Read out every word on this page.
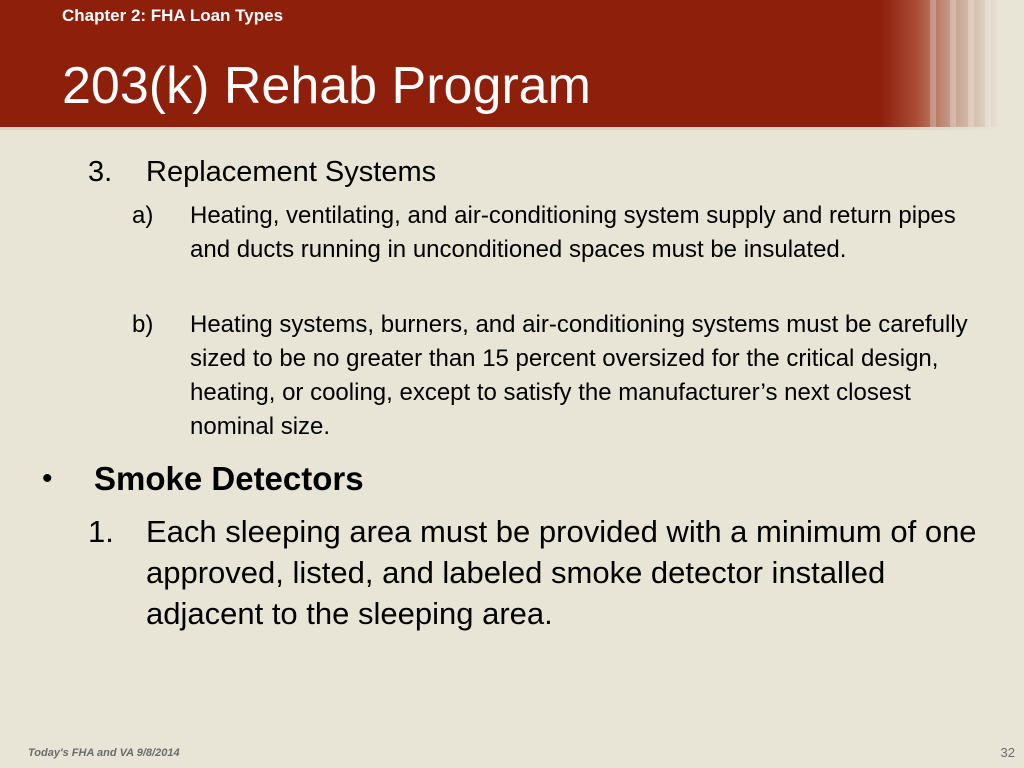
Chapter 2: FHA Loan Types
203(k) Rehab Program
3. Replacement Systems
a) Heating, ventilating, and air-conditioning system supply and return pipes and ducts running in unconditioned spaces must be insulated.
b) Heating systems, burners, and air-conditioning systems must be carefully sized to be no greater than 15 percent oversized for the critical design, heating, or cooling, except to satisfy the manufacturer’s next closest nominal size.
• Smoke Detectors
1. Each sleeping area must be provided with a minimum of one approved, listed, and labeled smoke detector installed adjacent to the sleeping area.
Today's FHA and VA 9/8/2014	32
